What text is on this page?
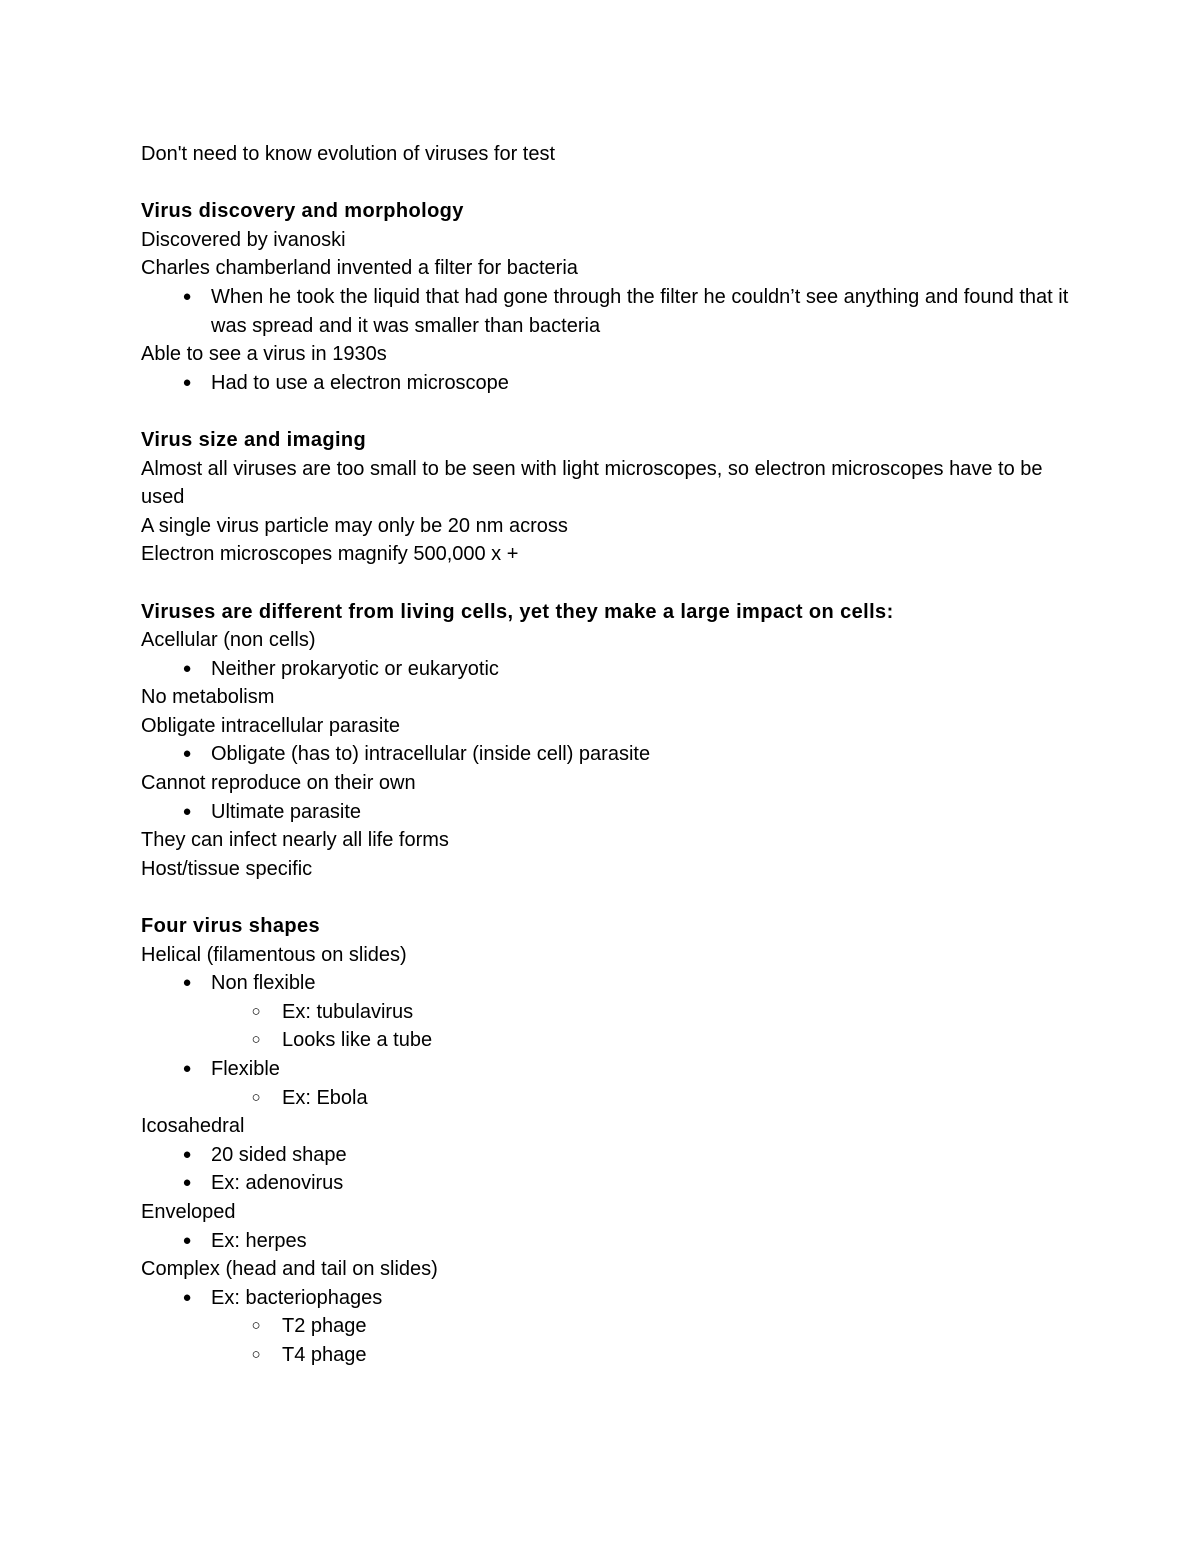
Don't need to know evolution of viruses for test

Virus discovery and morphology

Discovered by ivanoski

Charles chamberland invented a filter for bacteria

● When he took the liquid that had gone through the filter he couldn’t see anything and found that it was spread and it was smaller than bacteria

Able to see a virus in 1930s

● Had to use a electron microscope

Virus size and imaging

Almost all viruses are too small to be seen with light microscopes, so electron microscopes have to be used

A single virus particle may only be 20 nm across

Electron microscopes magnify 500,000 x +

Viruses are different from living cells, yet they make a large impact on cells:

Acellular (non cells)

● Neither prokaryotic or eukaryotic

No metabolism

Obligate intracellular parasite

● Obligate (has to) intracellular (inside cell) parasite

Cannot reproduce on their own

● Ultimate parasite

They can infect nearly all life forms

Host/tissue specific

Four virus shapes

Helical (filamentous on slides)

● Non flexible
○ Ex: tubulavirus
○ Looks like a tube
● Flexible
○ Ex: Ebola

Icosahedral

● 20 sided shape
● Ex: adenovirus

Enveloped

● Ex: herpes

Complex (head and tail on slides)

● Ex: bacteriophages
○ T2 phage
○ T4 phage
